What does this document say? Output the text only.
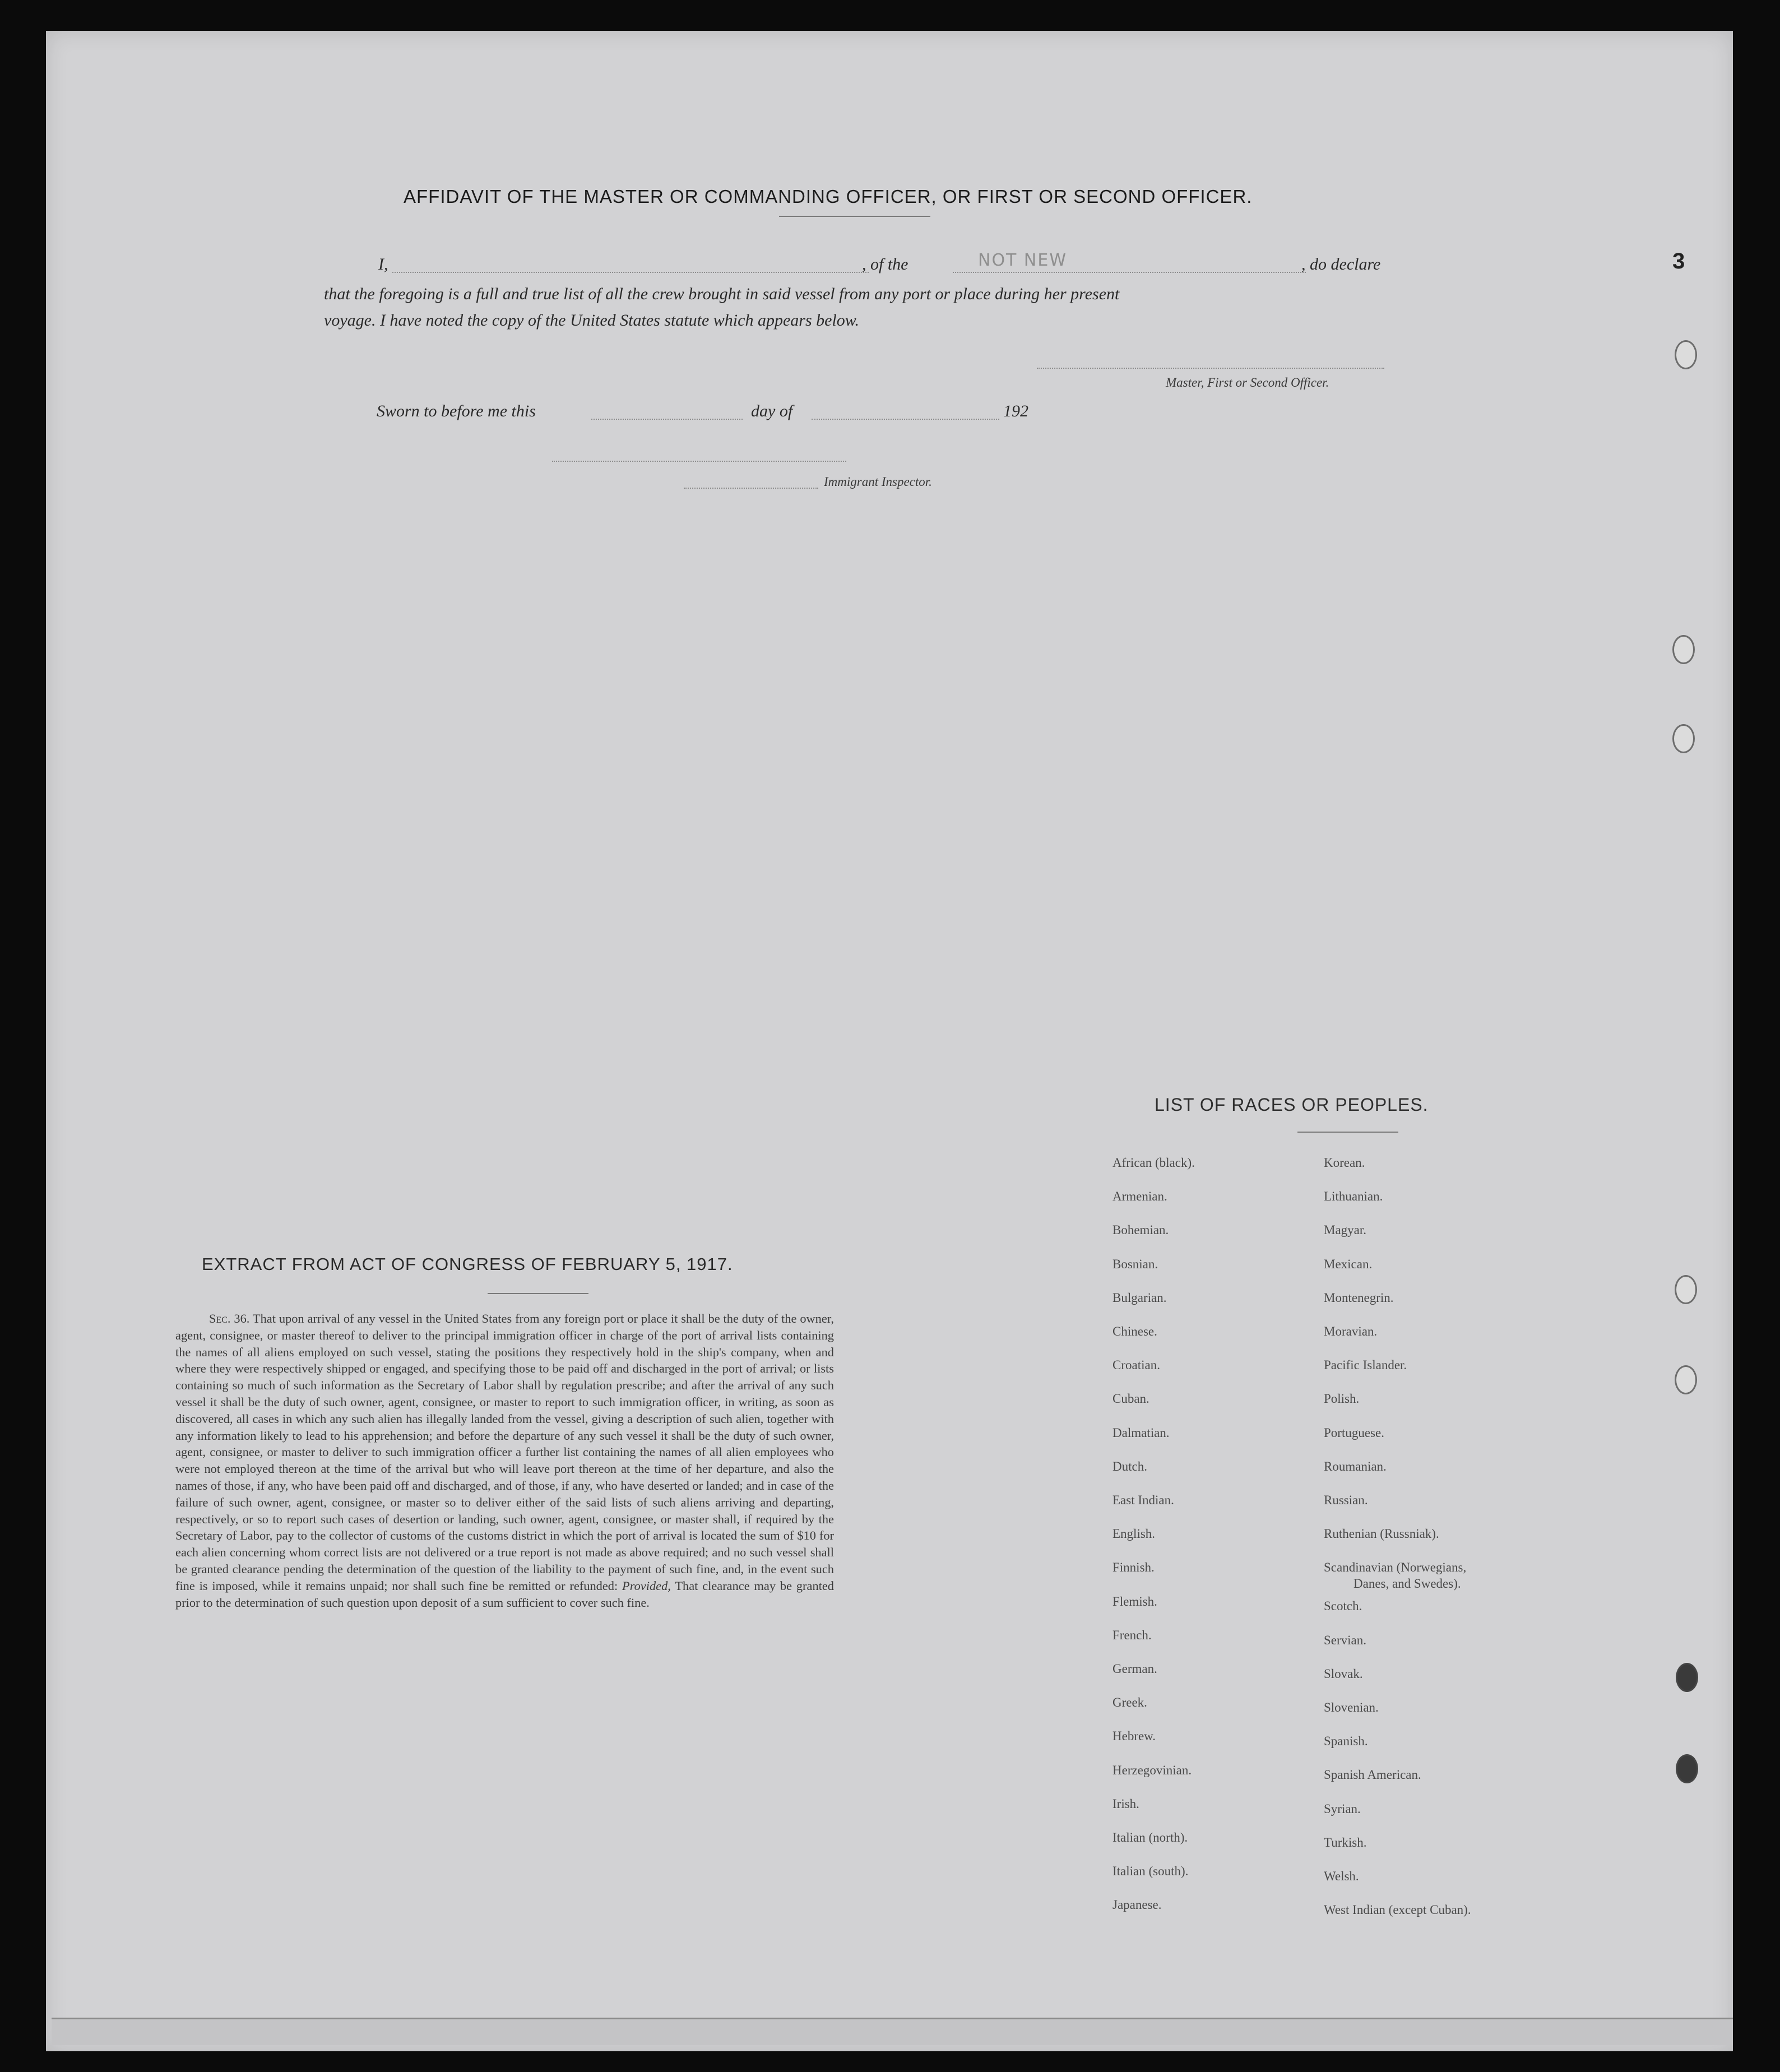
AFFIDAVIT OF THE MASTER OR COMMANDING OFFICER, OR FIRST OR SECOND OFFICER.
I,	, of the	NOT NEW	, do declare
that the foregoing is a full and true list of all the crew brought in said vessel from any port or place during her present
voyage. I have noted the copy of the United States statute which appears below.
Master, First or Second Officer.
Sworn to before me this	day of	192
Immigrant Inspector.
EXTRACT FROM ACT OF CONGRESS OF FEBRUARY 5, 1917.
Sec. 36. That upon arrival of any vessel in the United States from any foreign port or place it shall be the duty of the owner, agent, consignee, or master thereof to deliver to the principal immigration officer in charge of the port of arrival lists containing the names of all aliens employed on such vessel, stating the positions they respectively hold in the ship's company, when and where they were respectively shipped or engaged, and specifying those to be paid off and discharged in the port of arrival; or lists containing so much of such information as the Secretary of Labor shall by regulation prescribe; and after the arrival of any such vessel it shall be the duty of such owner, agent, consignee, or master to report to such immigration officer, in writing, as soon as discovered, all cases in which any such alien has illegally landed from the vessel, giving a description of such alien, together with any information likely to lead to his apprehension; and before the departure of any such vessel it shall be the duty of such owner, agent, consignee, or master to deliver to such immigration officer a further list containing the names of all alien employees who were not employed thereon at the time of the arrival but who will leave port thereon at the time of her departure, and also the names of those, if any, who have been paid off and discharged, and of those, if any, who have deserted or landed; and in case of the failure of such owner, agent, consignee, or master so to deliver either of the said lists of such aliens arriving and departing, respectively, or so to report such cases of desertion or landing, such owner, agent, consignee, or master shall, if required by the Secretary of Labor, pay to the collector of customs of the customs district in which the port of arrival is located the sum of $10 for each alien concerning whom correct lists are not delivered or a true report is not made as above required; and no such vessel shall be granted clearance pending the determination of the question of the liability to the payment of such fine, and, in the event such fine is imposed, while it remains unpaid; nor shall such fine be remitted or refunded: Provided, That clearance may be granted prior to the determination of such question upon deposit of a sum sufficient to cover such fine.
LIST OF RACES OR PEOPLES.
African (black).
Armenian.
Bohemian.
Bosnian.
Bulgarian.
Chinese.
Croatian.
Cuban.
Dalmatian.
Dutch.
East Indian.
English.
Finnish.
Flemish.
French.
German.
Greek.
Hebrew.
Herzegovinian.
Irish.
Italian (north).
Italian (south).
Japanese.
Korean.
Lithuanian.
Magyar.
Mexican.
Montenegrin.
Moravian.
Pacific Islander.
Polish.
Portuguese.
Roumanian.
Russian.
Ruthenian (Russniak).
Scandinavian (Norwegians,
Danes, and Swedes).
Scotch.
Servian.
Slovak.
Slovenian.
Spanish.
Spanish American.
Syrian.
Turkish.
Welsh.
West Indian (except Cuban).
3
